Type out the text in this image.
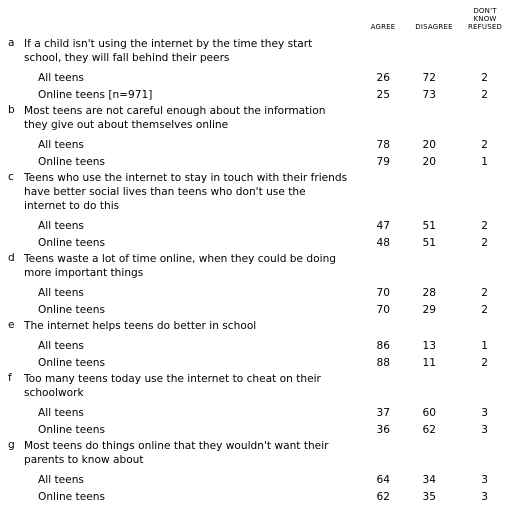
AGREE	DISAGREE
DON'T
KNOW
REFUSED
a If a child isn't using the internet by the time they start school, they will fall behind their peers
All teens	26	72	2
Online teens [n=971]	25	73	2
b Most teens are not careful enough about the information they give out about themselves online
All teens	78	20	2
Online teens	79	20	1
c Teens who use the internet to stay in touch with their friends have better social lives than teens who don't use the internet to do this
All teens	47	51	2
Online teens	48	51	2
d Teens waste a lot of time online, when they could be doing more important things
All teens	70	28	2
Online teens	70	29	2
e The internet helps teens do better in school
All teens	86	13	1
Online teens	88	11	2
f Too many teens today use the internet to cheat on their schoolwork
All teens	37	60	3
Online teens	36	62	3
g Most teens do things online that they wouldn't want their parents to know about
All teens	64	34	3
Online teens	62	35	3
